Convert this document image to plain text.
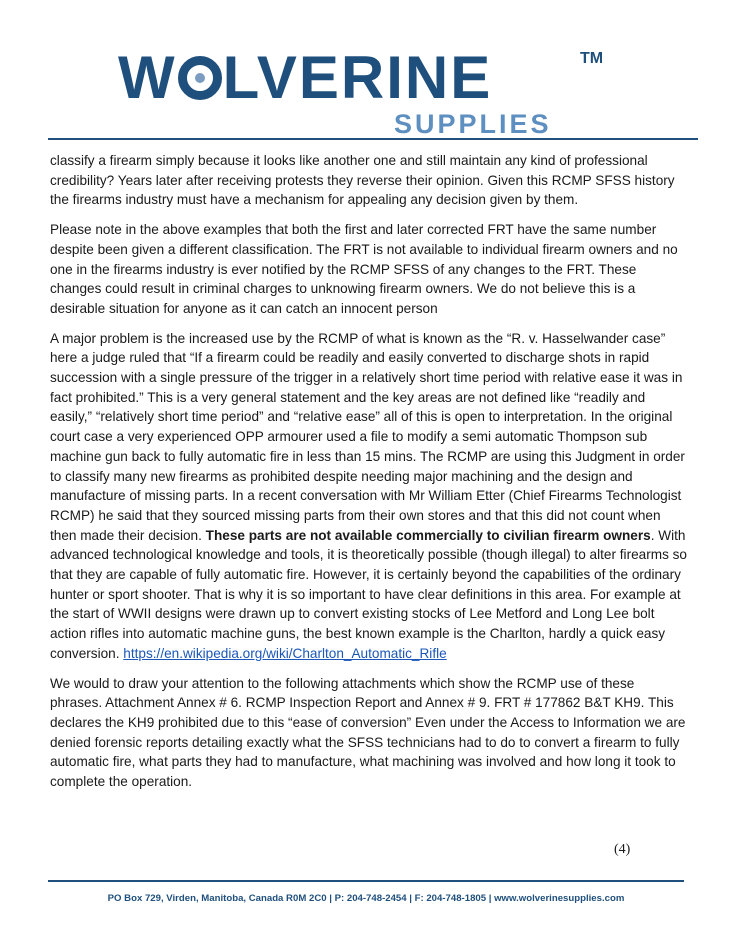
W LVERINE	TM
SUPPLIES

classify a firearm simply because it looks like another one and still maintain any kind of professional credibility? Years later after receiving protests they reverse their opinion. Given this RCMP SFSS history the firearms industry must have a mechanism for appealing any decision given by them.

Please note in the above examples that both the first and later corrected FRT have the same number despite been given a different classification. The FRT is not available to individual firearm owners and no one in the firearms industry is ever notified by the RCMP SFSS of any changes to the FRT. These changes could result in criminal charges to unknowing firearm owners. We do not believe this is a desirable situation for anyone as it can catch an innocent person

A major problem is the increased use by the RCMP of what is known as the “R. v. Hasselwander case” here a judge ruled that “If a firearm could be readily and easily converted to discharge shots in rapid succession with a single pressure of the trigger in a relatively short time period with relative ease it was in fact prohibited.” This is a very general statement and the key areas are not defined like “readily and easily,” “relatively short time period” and “relative ease” all of this is open to interpretation. In the original court case a very experienced OPP armourer used a file to modify a semi automatic Thompson sub machine gun back to fully automatic fire in less than 15 mins. The RCMP are using this Judgment in order to classify many new firearms as prohibited despite needing major machining and the design and manufacture of missing parts. In a recent conversation with Mr William Etter (Chief Firearms Technologist RCMP) he said that they sourced missing parts from their own stores and that this did not count when then made their decision. These parts are not available commercially to civilian firearm owners. With advanced technological knowledge and tools, it is theoretically possible (though illegal) to alter firearms so that they are capable of fully automatic fire. However, it is certainly beyond the capabilities of the ordinary hunter or sport shooter. That is why it is so important to have clear definitions in this area. For example at the start of WWII designs were drawn up to convert existing stocks of Lee Metford and Long Lee bolt action rifles into automatic machine guns, the best known example is the Charlton, hardly a quick easy conversion. https://en.wikipedia.org/wiki/Charlton_Automatic_Rifle

We would to draw your attention to the following attachments which show the RCMP use of these phrases. Attachment Annex # 6. RCMP Inspection Report and Annex # 9. FRT # 177862 B&T KH9. This declares the KH9 prohibited due to this “ease of conversion” Even under the Access to Information we are denied forensic reports detailing exactly what the SFSS technicians had to do to convert a firearm to fully automatic fire, what parts they had to manufacture, what machining was involved and how long it took to complete the operation.

(4)
PO Box 729, Virden, Manitoba, Canada R0M 2C0 | P: 204-748-2454 | F: 204-748-1805 | www.wolverinesupplies.com
